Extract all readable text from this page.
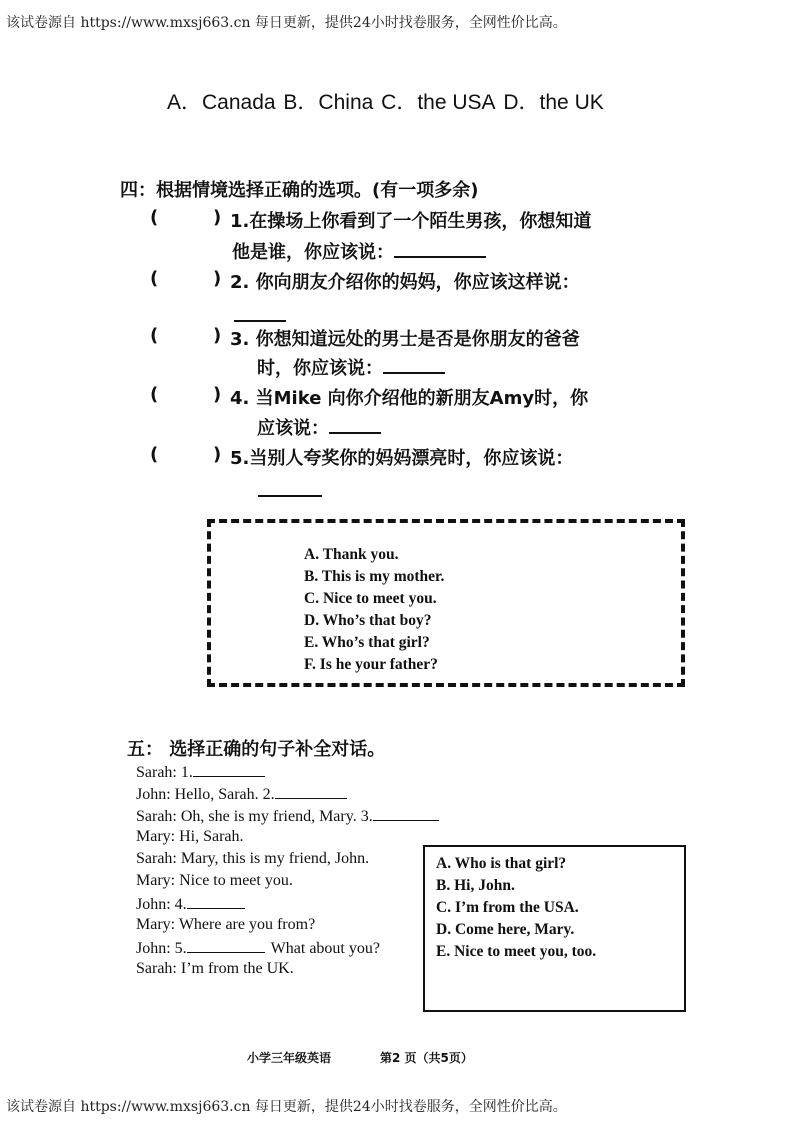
该试卷源自 https://www.mxsj663.cn 每日更新，提供24小时找卷服务，全网性价比高。
A．Canada B．China C．the USA D．the UK
四：根据情境选择正确的选项。(有一项多余)
(	) 1.在操场上你看到了一个陌生男孩，你想知道
他是谁，你应该说：
(	) 2. 你向朋友介绍你的妈妈，你应该这样说：
(	) 3. 你想知道远处的男士是否是你朋友的爸爸
时，你应该说：
(	) 4. 当Mike 向你介绍他的新朋友Amy时，你
应该说：
(	) 5.当别人夸奖你的妈妈漂亮时，你应该说：
A. Thank you.
B. This is my mother.
C. Nice to meet you.
D. Who’s that boy?
E. Who’s that girl?
F. Is he your father?
五： 选择正确的句子补全对话。
Sarah: 1.
John: Hello, Sarah. 2.
Sarah: Oh, she is my friend, Mary. 3.
Mary: Hi, Sarah.
Sarah: Mary, this is my friend, John.
Mary: Nice to meet you.
John: 4.
Mary: Where are you from?
John: 5.	What about you?
Sarah: I’m from the UK.
A. Who is that girl?
B. Hi, John.
C. I’m from the USA.
D. Come here, Mary.
E. Nice to meet you, too.
小学三年级英语	第2 页（共5页）
该试卷源自 https://www.mxsj663.cn 每日更新，提供24小时找卷服务，全网性价比高。
